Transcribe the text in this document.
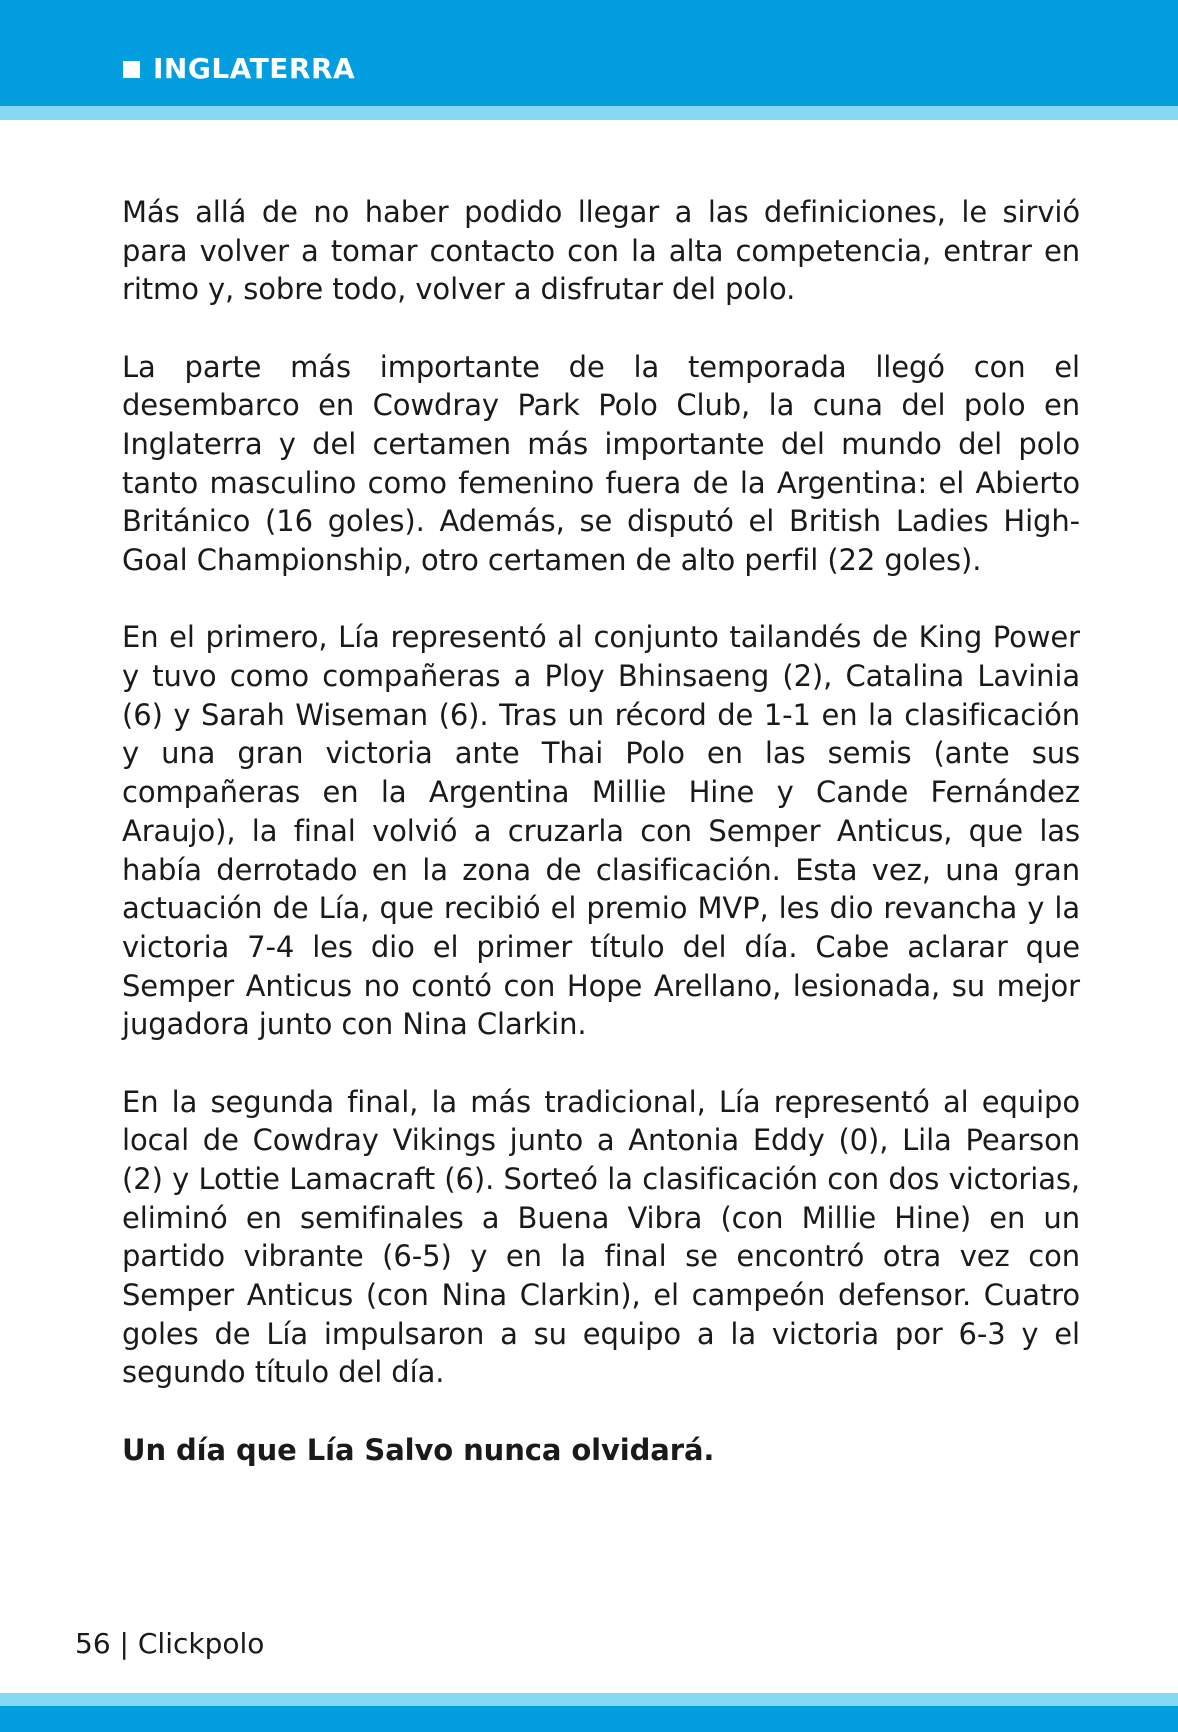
INGLATERRA

Más allá de no haber podido llegar a las definiciones, le sirvió para volver a tomar contacto con la alta competencia, entrar en ritmo y, sobre todo, volver a disfrutar del polo.

La parte más importante de la temporada llegó con el desembarco en Cowdray Park Polo Club, la cuna del polo en Inglaterra y del certamen más importante del mundo del polo tanto masculino como femenino fuera de la Argentina: el Abierto Británico (16 goles). Además, se disputó el British Ladies High-Goal Championship, otro certamen de alto perfil (22 goles).

En el primero, Lía representó al conjunto tailandés de King Power y tuvo como compañeras a Ploy Bhinsaeng (2), Catalina Lavinia (6) y Sarah Wiseman (6). Tras un récord de 1-1 en la clasificación y una gran victoria ante Thai Polo en las semis (ante sus compañeras en la Argentina Millie Hine y Cande Fernández Araujo), la final volvió a cruzarla con Semper Anticus, que las había derrotado en la zona de clasificación. Esta vez, una gran actuación de Lía, que recibió el premio MVP, les dio revancha y la victoria 7-4 les dio el primer título del día. Cabe aclarar que Semper Anticus no contó con Hope Arellano, lesionada, su mejor jugadora junto con Nina Clarkin.

En la segunda final, la más tradicional, Lía representó al equipo local de Cowdray Vikings junto a Antonia Eddy (0), Lila Pearson (2) y Lottie Lamacraft (6). Sorteó la clasificación con dos victorias, eliminó en semifinales a Buena Vibra (con Millie Hine) en un partido vibrante (6-5) y en la final se encontró otra vez con Semper Anticus (con Nina Clarkin), el campeón defensor. Cuatro goles de Lía impulsaron a su equipo a la victoria por 6-3 y el segundo título del día.

Un día que Lía Salvo nunca olvidará.

56 | Clickpolo
